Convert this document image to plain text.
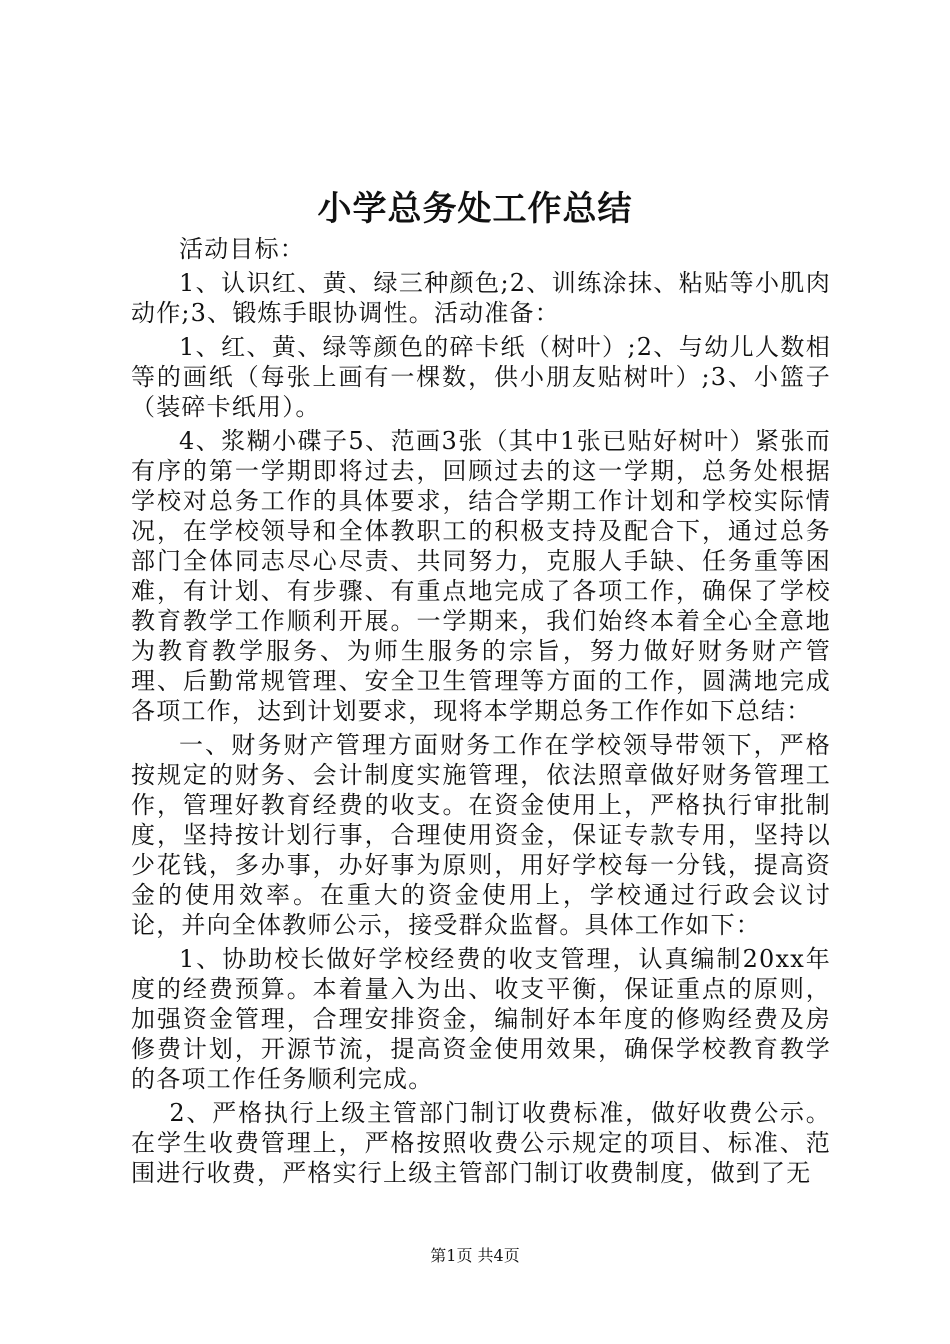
小学总务处工作总结

活动目标：

1、认识红、黄、绿三种颜色;2、训练涂抹、粘贴等小肌肉动作;3、锻炼手眼协调性。活动准备：

1、红、黄、绿等颜色的碎卡纸（树叶）;2、与幼儿人数相等的画纸（每张上画有一棵数，供小朋友贴树叶）;3、小篮子（装碎卡纸用）。

4、浆糊小碟子5、范画3张（其中1张已贴好树叶）紧张而有序的第一学期即将过去，回顾过去的这一学期，总务处根据学校对总务工作的具体要求，结合学期工作计划和学校实际情况，在学校领导和全体教职工的积极支持及配合下，通过总务部门全体同志尽心尽责、共同努力，克服人手缺、任务重等困难，有计划、有步骤、有重点地完成了各项工作，确保了学校教育教学工作顺利开展。一学期来，我们始终本着全心全意地为教育教学服务、为师生服务的宗旨，努力做好财务财产管理、后勤常规管理、安全卫生管理等方面的工作，圆满地完成各项工作，达到计划要求，现将本学期总务工作作如下总结：

一、财务财产管理方面财务工作在学校领导带领下，严格按规定的财务、会计制度实施管理，依法照章做好财务管理工作，管理好教育经费的收支。在资金使用上，严格执行审批制度，坚持按计划行事，合理使用资金，保证专款专用，坚持以少花钱，多办事，办好事为原则，用好学校每一分钱，提高资金的使用效率。在重大的资金使用上，学校通过行政会议讨论，并向全体教师公示，接受群众监督。具体工作如下：

1、协助校长做好学校经费的收支管理，认真编制20xx年度的经费预算。本着量入为出、收支平衡，保证重点的原则，加强资金管理，合理安排资金，编制好本年度的修购经费及房修费计划，开源节流，提高资金使用效果，确保学校教育教学的各项工作任务顺利完成。

2、严格执行上级主管部门制订收费标准，做好收费公示。在学生收费管理上，严格按照收费公示规定的项目、标准、范围进行收费，严格实行上级主管部门制订收费制度，做到了无

第1页 共4页
